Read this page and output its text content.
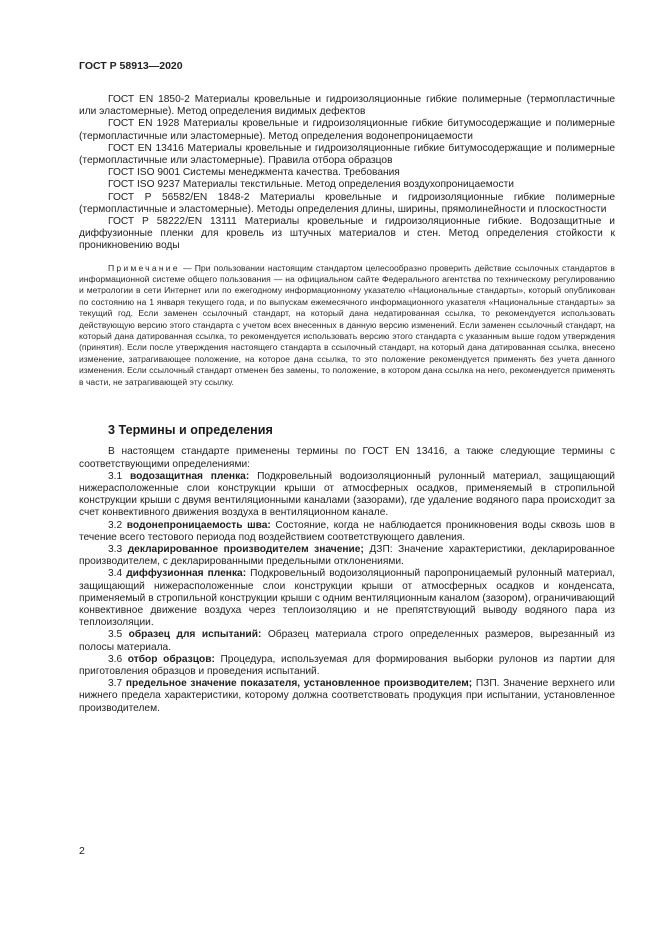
ГОСТ Р 58913—2020

ГОСТ EN 1850-2 Материалы кровельные и гидроизоляционные гибкие полимерные (термопластичные или эластомерные). Метод определения видимых дефектов

ГОСТ EN 1928 Материалы кровельные и гидроизоляционные гибкие битумосодержащие и полимерные (термопластичные или эластомерные). Метод определения водонепроницаемости

ГОСТ EN 13416 Материалы кровельные и гидроизоляционные гибкие битумосодержащие и полимерные (термопластичные или эластомерные). Правила отбора образцов

ГОСТ ISO 9001 Системы менеджмента качества. Требования

ГОСТ ISO 9237 Материалы текстильные. Метод определения воздухопроницаемости

ГОСТ Р 56582/EN 1848-2 Материалы кровельные и гидроизоляционные гибкие полимерные (термопластичные и эластомерные). Методы определения длины, ширины, прямолинейности и плоскостности

ГОСТ Р 58222/EN 13111 Материалы кровельные и гидроизоляционные гибкие. Водозащитные и диффузионные пленки для кровель из штучных материалов и стен. Метод определения стойкости к проникновению воды

Примечание — При пользовании настоящим стандартом целесообразно проверить действие ссылочных стандартов в информационной системе общего пользования — на официальном сайте Федерального агентства по техническому регулированию и метрологии в сети Интернет или по ежегодному информационному указателю «Национальные стандарты», который опубликован по состоянию на 1 января текущего года, и по выпускам ежемесячного информационного указателя «Национальные стандарты» за текущий год. Если заменен ссылочный стандарт, на который дана недатированная ссылка, то рекомендуется использовать действующую версию этого стандарта с учетом всех внесенных в данную версию изменений. Если заменен ссылочный стандарт, на который дана датированная ссылка, то рекомендуется использовать версию этого стандарта с указанным выше годом утверждения (принятия). Если после утверждения настоящего стандарта в ссылочный стандарт, на который дана датированная ссылка, внесено изменение, затрагивающее положение, на которое дана ссылка, то это положение рекомендуется применять без учета данного изменения. Если ссылочный стандарт отменен без замены, то положение, в котором дана ссылка на него, рекомендуется применять в части, не затрагивающей эту ссылку.

3 Термины и определения

В настоящем стандарте применены термины по ГОСТ EN 13416, а также следующие термины с соответствующими определениями:

3.1 водозащитная пленка: Подкровельный водоизоляционный рулонный материал, защищающий нижерасположенные слои конструкции крыши от атмосферных осадков, применяемый в стропильной конструкции крыши с двумя вентиляционными каналами (зазорами), где удаление водяного пара происходит за счет конвективного движения воздуха в вентиляционном канале.

3.2 водонепроницаемость шва: Состояние, когда не наблюдается проникновения воды сквозь шов в течение всего тестового периода под воздействием соответствующего давления.

3.3 декларированное производителем значение; ДЗП: Значение характеристики, декларированное производителем, с декларированными предельными отклонениями.

3.4 диффузионная пленка: Подкровельный водоизоляционный паропроницаемый рулонный материал, защищающий нижерасположенные слои конструкции крыши от атмосферных осадков и конденсата, применяемый в стропильной конструкции крыши с одним вентиляционным каналом (зазором), ограничивающий конвективное движение воздуха через теплоизоляцию и не препятствующий выводу водяного пара из теплоизоляции.

3.5 образец для испытаний: Образец материала строго определенных размеров, вырезанный из полосы материала.

3.6 отбор образцов: Процедура, используемая для формирования выборки рулонов из партии для приготовления образцов и проведения испытаний.

3.7 предельное значение показателя, установленное производителем; ПЗП. Значение верхнего или нижнего предела характеристики, которому должна соответствовать продукция при испытании, установленное производителем.

2
